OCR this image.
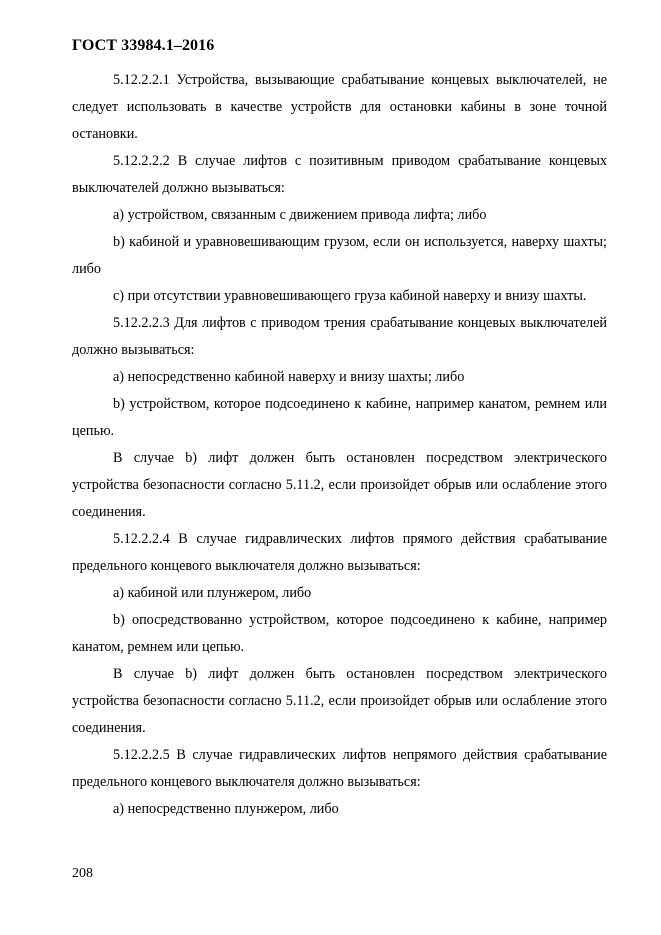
ГОСТ 33984.1–2016

5.12.2.2.1 Устройства, вызывающие срабатывание концевых выключателей, не следует использовать в качестве устройств для остановки кабины в зоне точной остановки.

5.12.2.2.2 В случае лифтов с позитивным приводом срабатывание концевых выключателей должно вызываться:

а) устройством, связанным с движением привода лифта; либо

b) кабиной и уравновешивающим грузом, если он используется, наверху шахты; либо

с) при отсутствии уравновешивающего груза кабиной наверху и внизу шахты.

5.12.2.2.3 Для лифтов с приводом трения срабатывание концевых выключателей должно вызываться:

а) непосредственно кабиной наверху и внизу шахты; либо

b) устройством, которое подсоединено к кабине, например канатом, ремнем или цепью.

В случае b) лифт должен быть остановлен посредством электрического устройства безопасности согласно 5.11.2, если произойдет обрыв или ослабление этого соединения.

5.12.2.2.4 В случае гидравлических лифтов прямого действия срабатывание предельного концевого выключателя должно вызываться:

а) кабиной или плунжером, либо

b) опосредствованно устройством, которое подсоединено к кабине, например канатом, ремнем или цепью.

В случае b) лифт должен быть остановлен посредством электрического устройства безопасности согласно 5.11.2, если произойдет обрыв или ослабление этого соединения.

5.12.2.2.5 В случае гидравлических лифтов непрямого действия срабатывание предельного концевого выключателя должно вызываться:

а) непосредственно плунжером, либо

208
